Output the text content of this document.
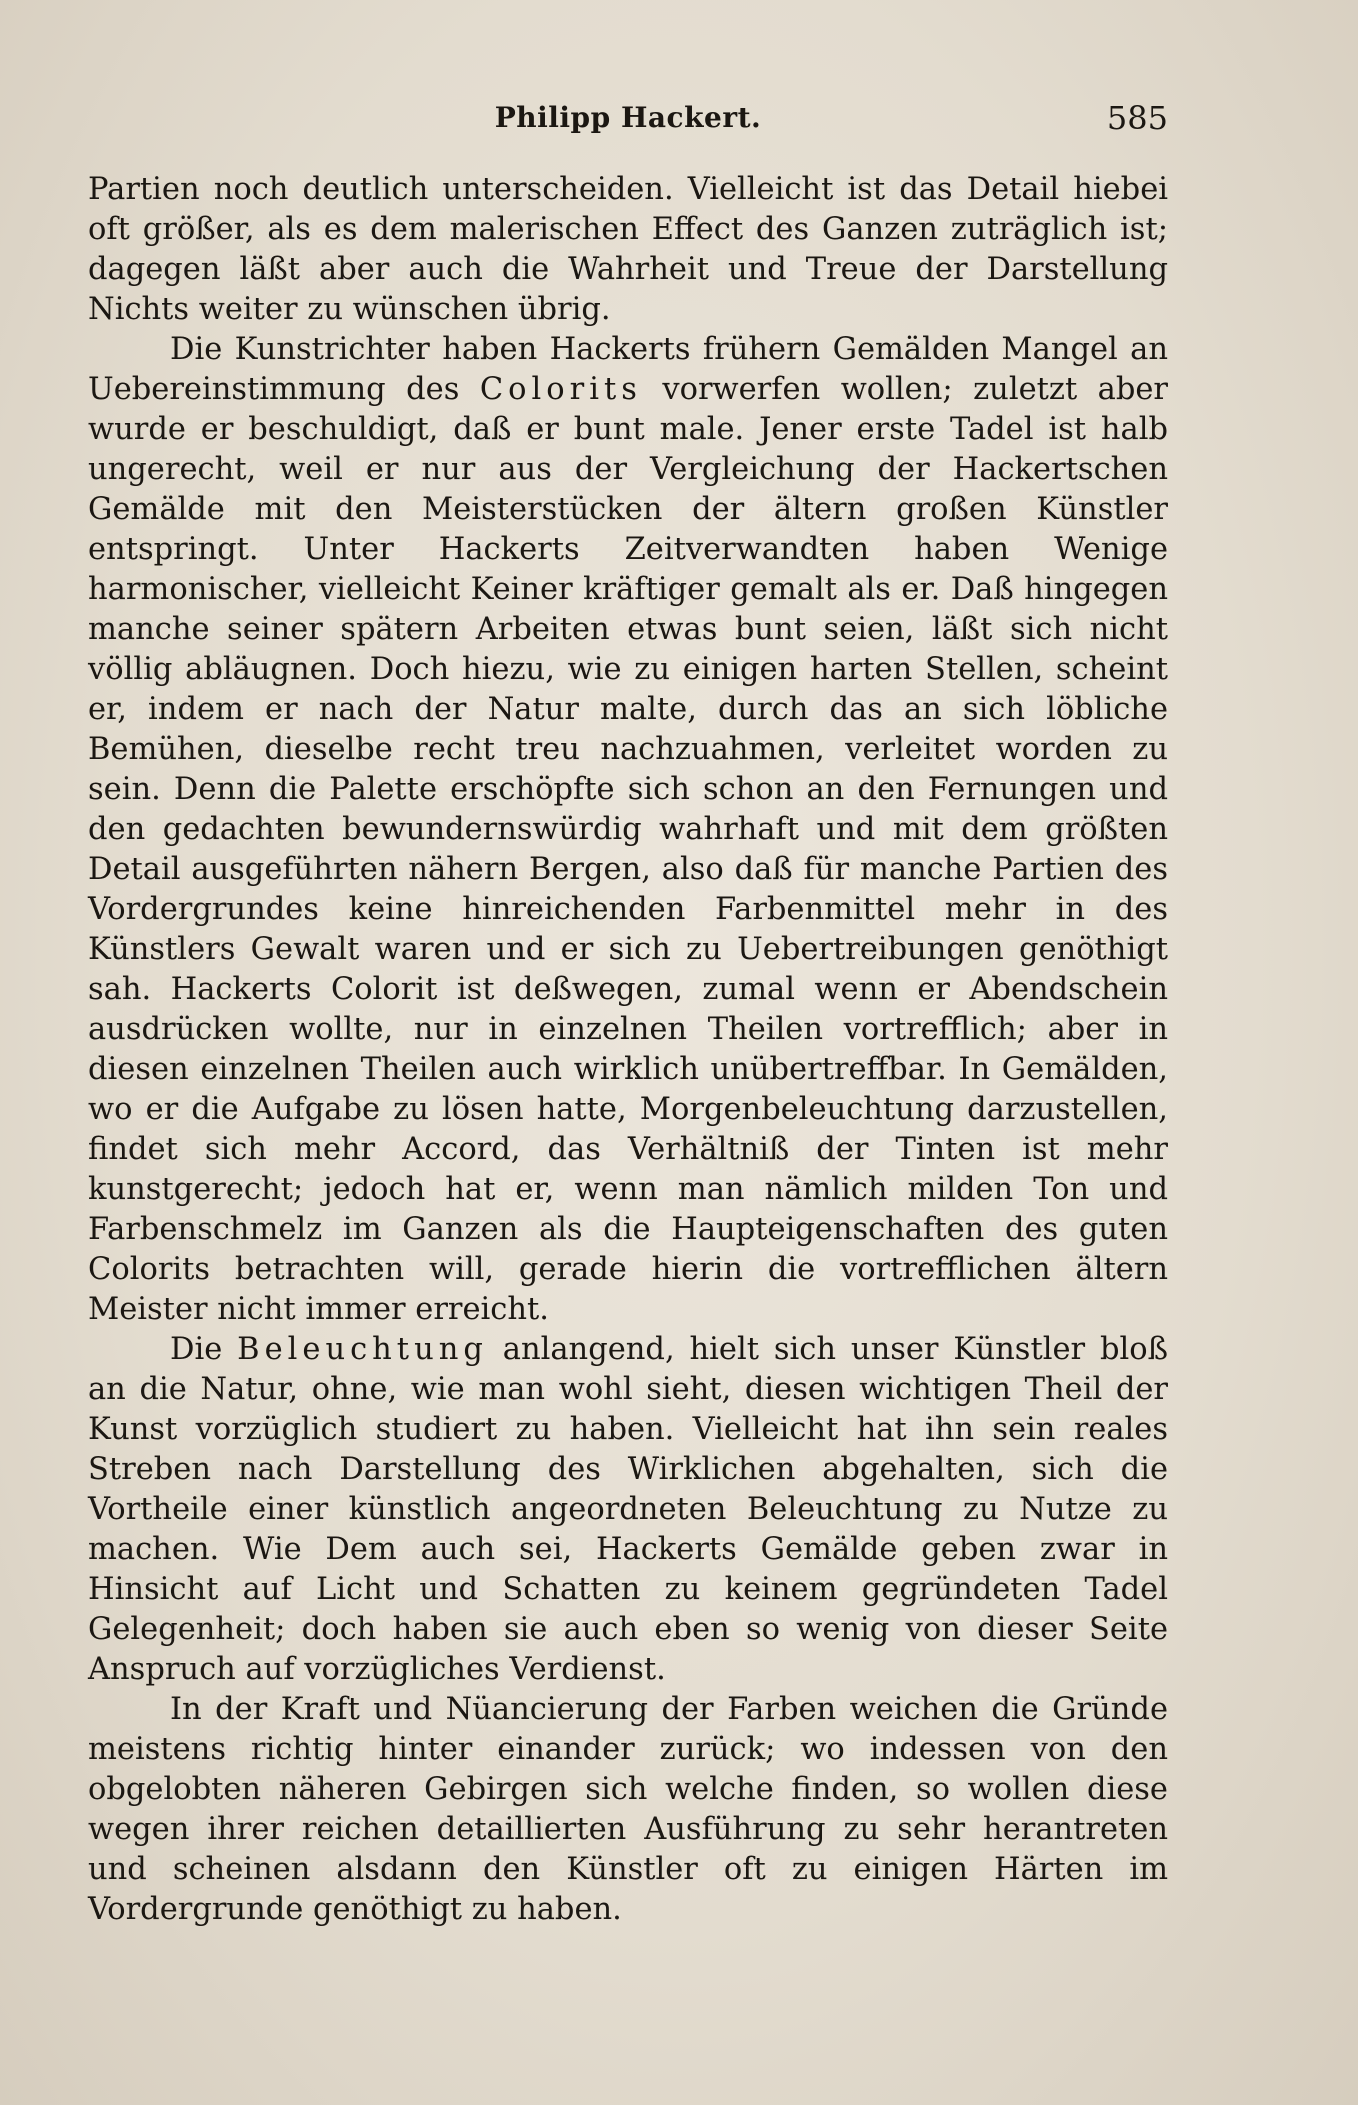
Philipp Hackert.	585

Partien noch deutlich unterscheiden. Vielleicht ist das Detail hiebei oft größer, als es dem malerischen Effect des Ganzen zuträglich ist; dagegen läßt aber auch die Wahrheit und Treue der Darstellung Nichts weiter zu wünschen übrig.

Die Kunstrichter haben Hackerts frühern Gemälden Mangel an Uebereinstimmung des Colorits vorwerfen wollen; zuletzt aber wurde er beschuldigt, daß er bunt male. Jener erste Tadel ist halb ungerecht, weil er nur aus der Vergleichung der Hackertschen Gemälde mit den Meisterstücken der ältern großen Künstler entspringt. Unter Hackerts Zeitverwandten haben Wenige harmonischer, vielleicht Keiner kräftiger gemalt als er. Daß hingegen manche seiner spätern Arbeiten etwas bunt seien, läßt sich nicht völlig abläugnen. Doch hiezu, wie zu einigen harten Stellen, scheint er, indem er nach der Natur malte, durch das an sich löbliche Bemühen, dieselbe recht treu nachzuahmen, verleitet worden zu sein. Denn die Palette erschöpfte sich schon an den Fernungen und den gedachten bewundernswürdig wahrhaft und mit dem größten Detail ausgeführten nähern Bergen, also daß für manche Partien des Vordergrundes keine hinreichenden Farbenmittel mehr in des Künstlers Gewalt waren und er sich zu Uebertreibungen genöthigt sah. Hackerts Colorit ist deßwegen, zumal wenn er Abendschein ausdrücken wollte, nur in einzelnen Theilen vortrefflich; aber in diesen einzelnen Theilen auch wirklich unübertreffbar. In Gemälden, wo er die Aufgabe zu lösen hatte, Morgenbeleuchtung darzustellen, findet sich mehr Accord, das Verhältniß der Tinten ist mehr kunstgerecht; jedoch hat er, wenn man nämlich milden Ton und Farbenschmelz im Ganzen als die Haupteigenschaften des guten Colorits betrachten will, gerade hierin die vortrefflichen ältern Meister nicht immer erreicht.

Die Beleuchtung anlangend, hielt sich unser Künstler bloß an die Natur, ohne, wie man wohl sieht, diesen wichtigen Theil der Kunst vorzüglich studiert zu haben. Vielleicht hat ihn sein reales Streben nach Darstellung des Wirklichen abgehalten, sich die Vortheile einer künstlich angeordneten Beleuchtung zu Nutze zu machen. Wie Dem auch sei, Hackerts Gemälde geben zwar in Hinsicht auf Licht und Schatten zu keinem gegründeten Tadel Gelegenheit; doch haben sie auch eben so wenig von dieser Seite Anspruch auf vorzügliches Verdienst.

In der Kraft und Nüancierung der Farben weichen die Gründe meistens richtig hinter einander zurück; wo indessen von den obgelobten näheren Gebirgen sich welche finden, so wollen diese wegen ihrer reichen detaillierten Ausführung zu sehr herantreten und scheinen alsdann den Künstler oft zu einigen Härten im Vordergrunde genöthigt zu haben.
